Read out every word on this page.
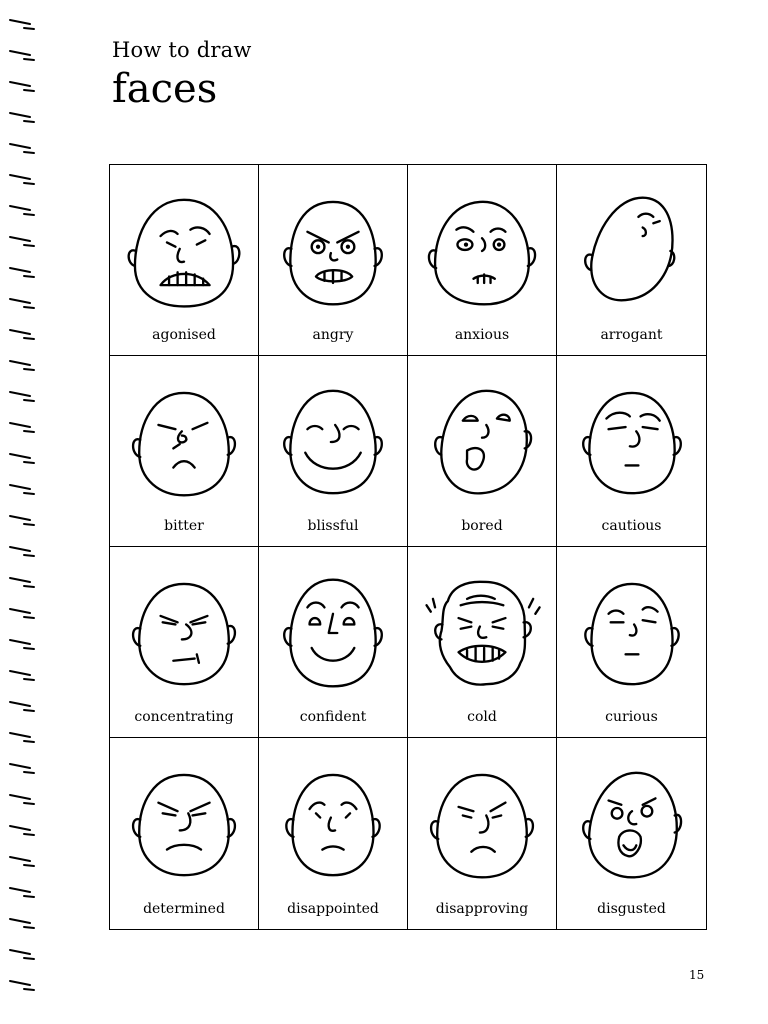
How to draw
faces
agonised	angry	anxious	arrogant
bitter	blissful	bored	cautious
concentrating	confident	cold	curious
determined	disappointed	disapproving	disgusted
15
